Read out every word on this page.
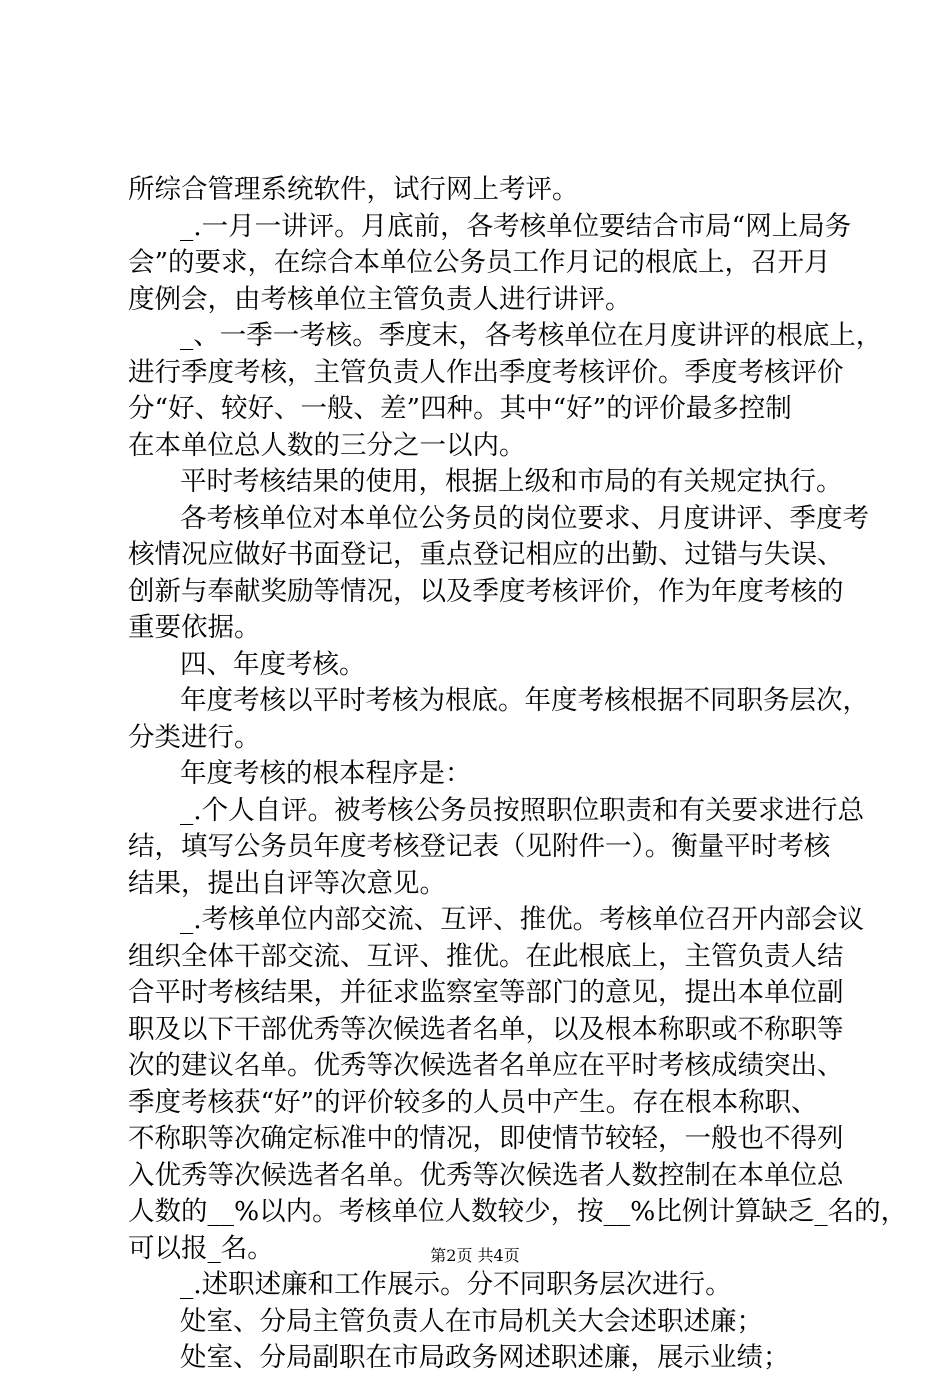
所综合管理系统软件，试行网上考评。
_.一月一讲评。月底前，各考核单位要结合市局“网上局务
会”的要求，在综合本单位公务员工作月记的根底上，召开月
度例会，由考核单位主管负责人进行讲评。
_、一季一考核。季度末，各考核单位在月度讲评的根底上，
进行季度考核，主管负责人作出季度考核评价。季度考核评价
分“好、较好、一般、差”四种。其中“好”的评价最多控制
在本单位总人数的三分之一以内。
平时考核结果的使用，根据上级和市局的有关规定执行。
各考核单位对本单位公务员的岗位要求、月度讲评、季度考
核情况应做好书面登记，重点登记相应的出勤、过错与失误、
创新与奉献奖励等情况，以及季度考核评价，作为年度考核的
重要依据。
四、年度考核。
年度考核以平时考核为根底。年度考核根据不同职务层次，
分类进行。
年度考核的根本程序是：
_.个人自评。被考核公务员按照职位职责和有关要求进行总
结，填写公务员年度考核登记表（见附件一）。衡量平时考核
结果，提出自评等次意见。
_.考核单位内部交流、互评、推优。考核单位召开内部会议
组织全体干部交流、互评、推优。在此根底上，主管负责人结
合平时考核结果，并征求监察室等部门的意见，提出本单位副
职及以下干部优秀等次候选者名单，以及根本称职或不称职等
次的建议名单。优秀等次候选者名单应在平时考核成绩突出、
季度考核获“好”的评价较多的人员中产生。存在根本称职、
不称职等次确定标准中的情况，即使情节较轻，一般也不得列
入优秀等次候选者名单。优秀等次候选者人数控制在本单位总
人数的__%以内。考核单位人数较少，按__%比例计算缺乏_名的，
可以报_名。
_.述职述廉和工作展示。分不同职务层次进行。
处室、分局主管负责人在市局机关大会述职述廉；
处室、分局副职在市局政务网述职述廉，展示业绩；
第2页 共4页
